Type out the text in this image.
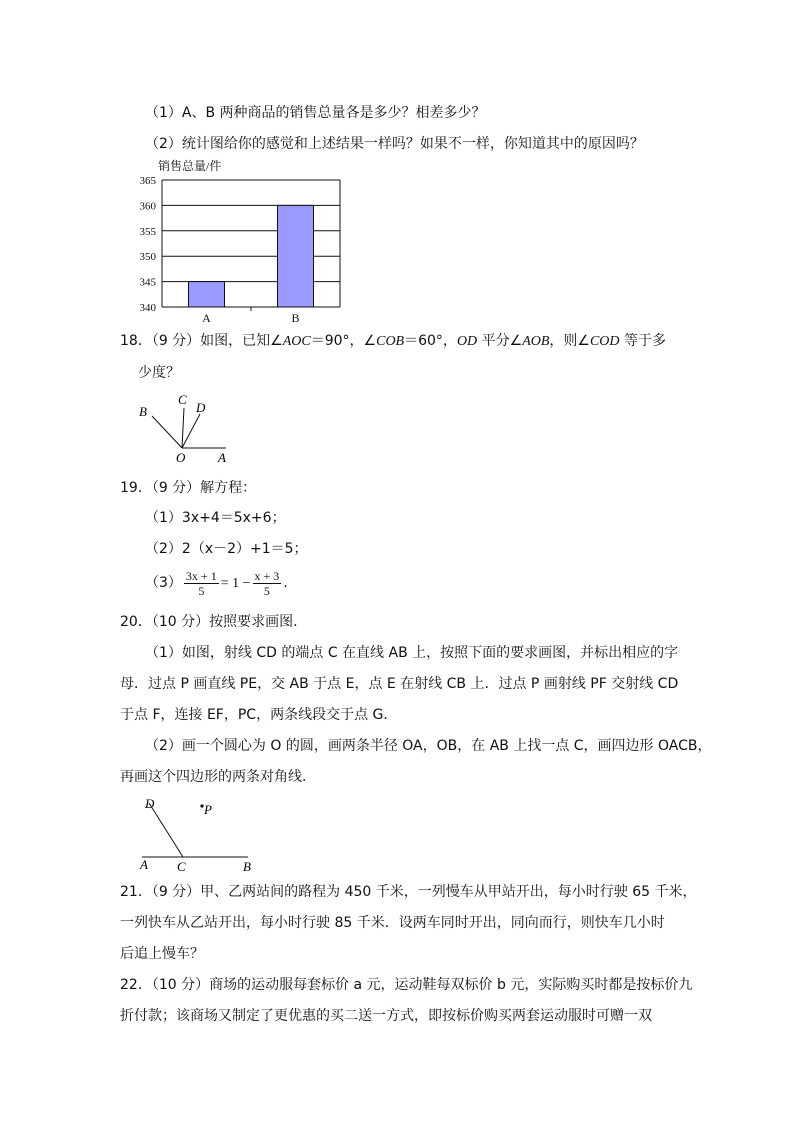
（1）A、B 两种商品的销售总量各是多少？相差多少？
（2）统计图给你的感觉和上述结果一样吗？如果不一样，你知道其中的原因吗？
销售总量/件
340
345
350
355
360
365
A	B
18．（9 分）如图，已知∠AOC＝90°，∠COB＝60°，OD 平分∠AOB，则∠COD 等于多
少度？
B
C
D
O	A
19．（9 分）解方程：
（1）3x+4＝5x+6；
（2）2（x－2）+1＝5；
$(3) \frac{3x + 1}{5} = 1 - \frac{x + 3}{5}$ .
20．（10 分）按照要求画图．
（1）如图，射线 CD 的端点 C 在直线 AB 上，按照下面的要求画图，并标出相应的字
母．过点 P 画直线 PE，交 AB 于点 E，点 E 在射线 CB 上．过点 P 画射线 PF 交射线 CD
于点 F，连接 EF，PC，两条线段交于点 G．
（2）画一个圆心为 O 的圆，画两条半径 OA，OB，在 AB 上找一点 C，画四边形 OACB，
再画这个四边形的两条对角线．
D	P
A C	B
21．（9 分）甲、乙两站间的路程为 450 千米，一列慢车从甲站开出，每小时行驶 65 千米，
一列快车从乙站开出，每小时行驶 85 千米．设两车同时开出，同向而行，则快车几小时
后追上慢车？
22．（10 分）商场的运动服每套标价 a 元，运动鞋每双标价 b 元，实际购买时都是按标价九
折付款；该商场又制定了更优惠的买二送一方式，即按标价购买两套运动服时可赠一双
